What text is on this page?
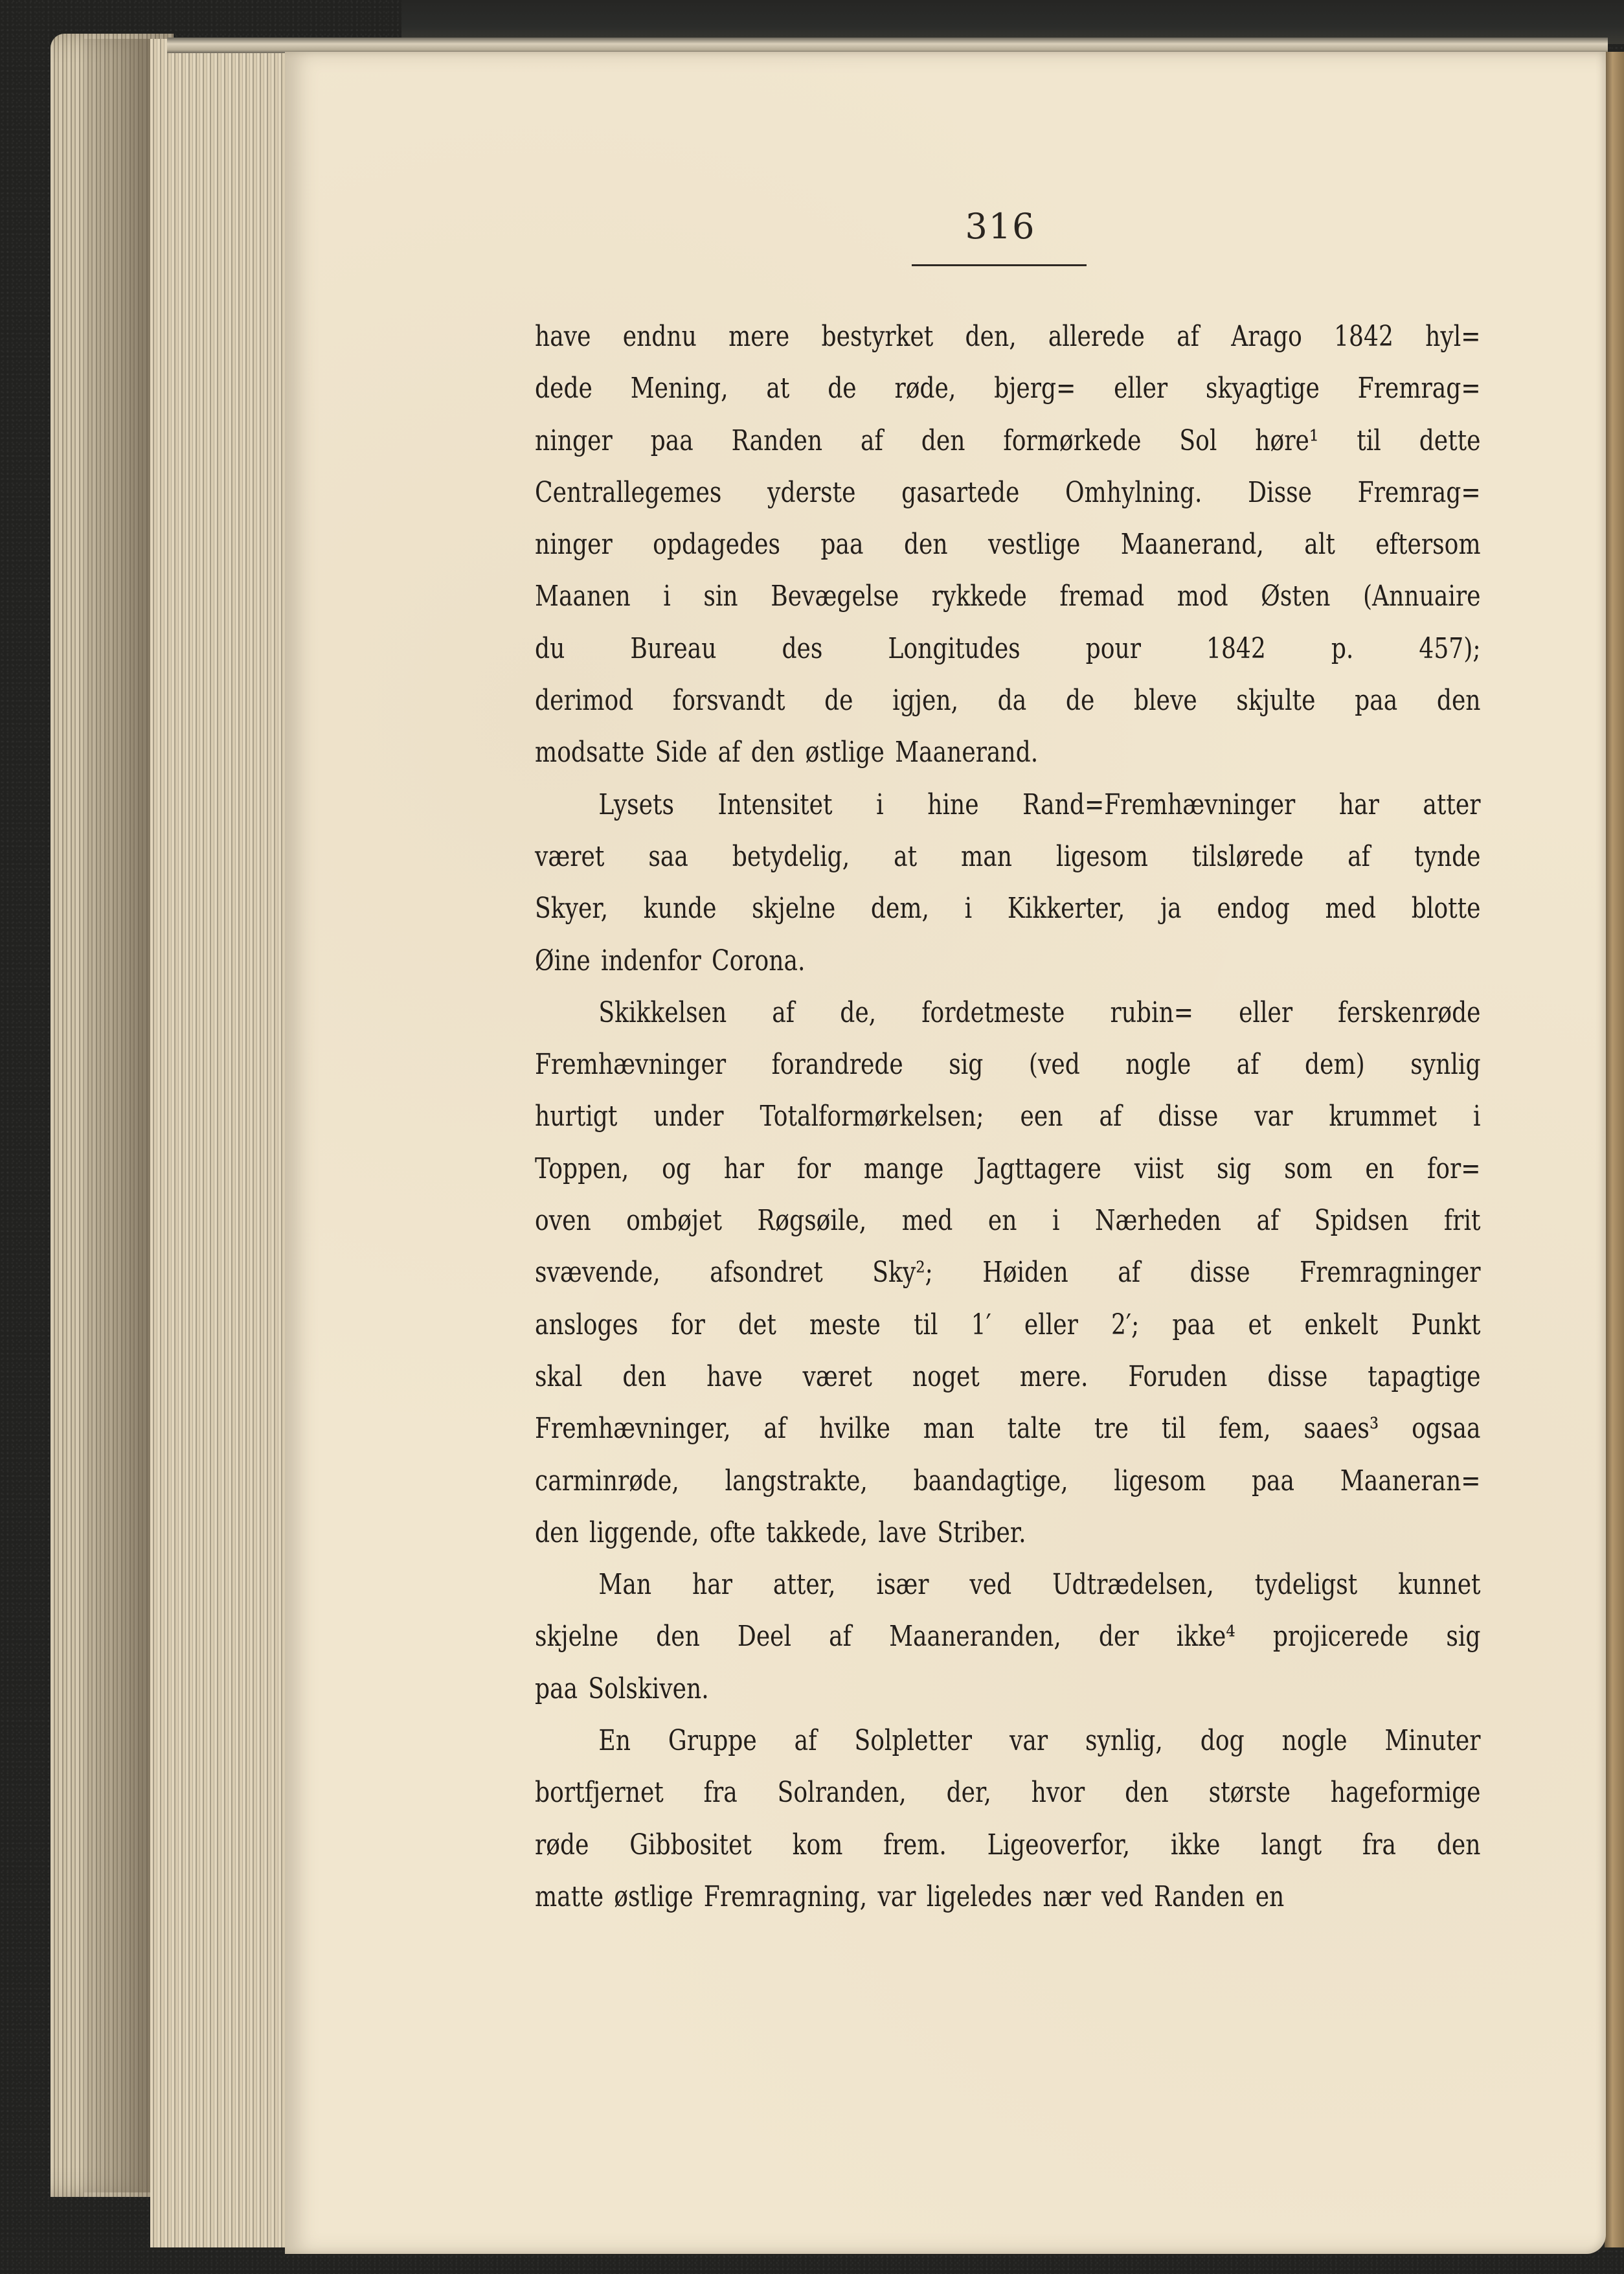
316
have endnu mere bestyrket den, allerede af Arago 1842 hyl=
dede Mening, at de røde, bjerg= eller skyagtige Fremrag=
ninger paa Randen af den formørkede Sol høre¹ til dette
Centrallegemes yderste gasartede Omhylning. Disse Fremrag=
ninger opdagedes paa den vestlige Maanerand, alt eftersom
Maanen i sin Bevægelse rykkede fremad mod Østen (Annuaire
du Bureau des Longitudes pour 1842 p. 457);
derimod forsvandt de igjen, da de bleve skjulte paa den
modsatte Side af den østlige Maanerand.
Lysets Intensitet i hine Rand=Fremhævninger har atter
været saa betydelig, at man ligesom tilslørede af tynde
Skyer, kunde skjelne dem, i Kikkerter, ja endog med blotte
Øine indenfor Corona.
Skikkelsen af de, fordetmeste rubin= eller ferskenrøde
Fremhævninger forandrede sig (ved nogle af dem) synlig
hurtigt under Totalformørkelsen; een af disse var krummet i
Toppen, og har for mange Jagttagere viist sig som en for=
oven ombøjet Røgsøile, med en i Nærheden af Spidsen frit
svævende, afsondret Sky²; Høiden af disse Fremragninger
ansloges for det meste til 1′ eller 2′; paa et enkelt Punkt
skal den have været noget mere. Foruden disse tapagtige
Fremhævninger, af hvilke man talte tre til fem, saaes³ ogsaa
carminrøde, langstrakte, baandagtige, ligesom paa Maaneran=
den liggende, ofte takkede, lave Striber.
Man har atter, især ved Udtrædelsen, tydeligst kunnet
skjelne den Deel af Maaneranden, der ikke⁴ projicerede sig
paa Solskiven.
En Gruppe af Solpletter var synlig, dog nogle Minuter
bortfjernet fra Solranden, der, hvor den største hageformige
røde Gibbositet kom frem. Ligeoverfor, ikke langt fra den
matte østlige Fremragning, var ligeledes nær ved Randen en
